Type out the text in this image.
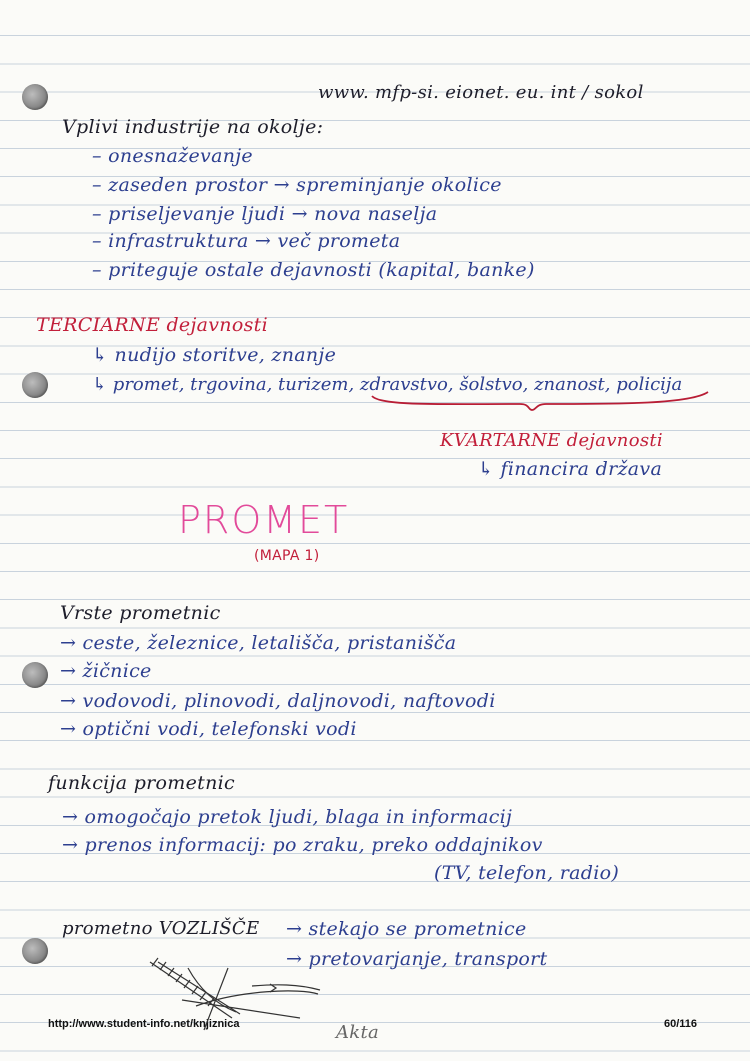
www. mfp-si. eionet. eu. int / sokol
Vplivi industrije na okolje:
– onesnaževanje
– zaseden prostor → spreminjanje okolice
– priseljevanje ljudi → nova naselja
– infrastruktura → več prometa
– priteguje ostale dejavnosti (kapital, banke)
TERCIARNE dejavnosti
↳ nudijo storitve, znanje
↳ promet, trgovina, turizem, zdravstvo, šolstvo, znanost, policija
KVARTARNE dejavnosti
↳ financira država
PROMET
(MAPA 1)
Vrste prometnic
→ ceste, železnice, letališča, pristanišča
→ žičnice
→ vodovodi, plinovodi, daljnovodi, naftovodi
→ optični vodi, telefonski vodi
funkcija prometnic
→ omogočajo pretok ljudi, blaga in informacij
→ prenos informacij: po zraku, preko oddajnikov
(TV, telefon, radio)
prometno VOZLIŠČE → stekajo se prometnice
→ pretovarjanje, transport
Akta
http://www.student-info.net/knjiznica	60/116
